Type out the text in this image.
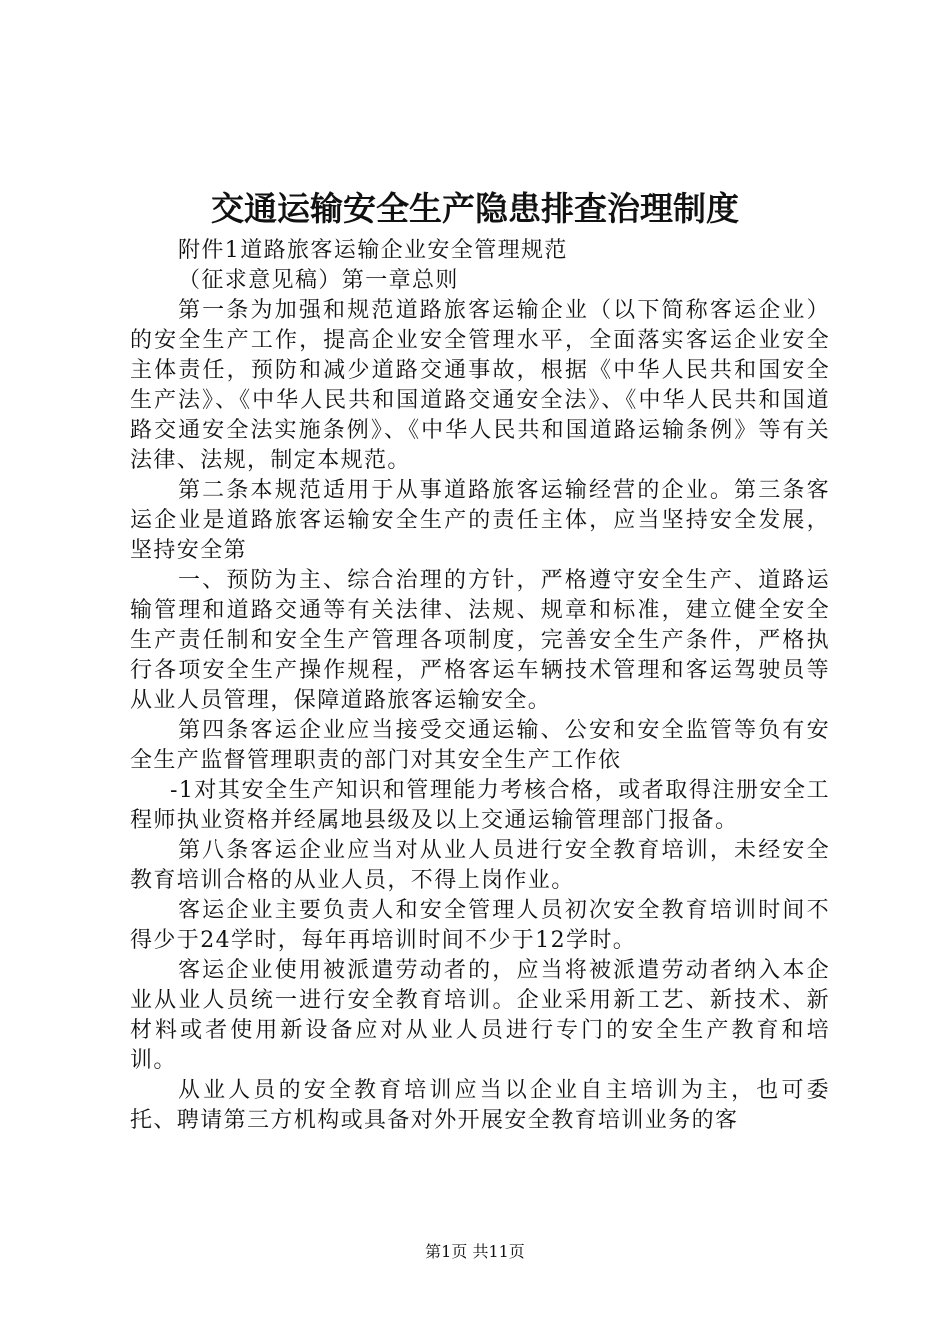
交通运输安全生产隐患排查治理制度

附件1道路旅客运输企业安全管理规范

（征求意见稿）第一章总则

第一条为加强和规范道路旅客运输企业（以下简称客运企业）的安全生产工作，提高企业安全管理水平，全面落实客运企业安全主体责任，预防和减少道路交通事故，根据《中华人民共和国安全生产法》、《中华人民共和国道路交通安全法》、《中华人民共和国道路交通安全法实施条例》、《中华人民共和国道路运输条例》等有关法律、法规，制定本规范。

第二条本规范适用于从事道路旅客运输经营的企业。第三条客运企业是道路旅客运输安全生产的责任主体，应当坚持安全发展，坚持安全第

一、预防为主、综合治理的方针，严格遵守安全生产、道路运输管理和道路交通等有关法律、法规、规章和标准，建立健全安全生产责任制和安全生产管理各项制度，完善安全生产条件，严格执行各项安全生产操作规程，严格客运车辆技术管理和客运驾驶员等从业人员管理，保障道路旅客运输安全。

第四条客运企业应当接受交通运输、公安和安全监管等负有安全生产监督管理职责的部门对其安全生产工作依

-1对其安全生产知识和管理能力考核合格，或者取得注册安全工程师执业资格并经属地县级及以上交通运输管理部门报备。

第八条客运企业应当对从业人员进行安全教育培训，未经安全教育培训合格的从业人员，不得上岗作业。

客运企业主要负责人和安全管理人员初次安全教育培训时间不得少于24学时，每年再培训时间不少于12学时。

客运企业使用被派遣劳动者的，应当将被派遣劳动者纳入本企业从业人员统一进行安全教育培训。企业采用新工艺、新技术、新材料或者使用新设备应对从业人员进行专门的安全生产教育和培训。

从业人员的安全教育培训应当以企业自主培训为主，也可委托、聘请第三方机构或具备对外开展安全教育培训业务的客

第1页 共11页
